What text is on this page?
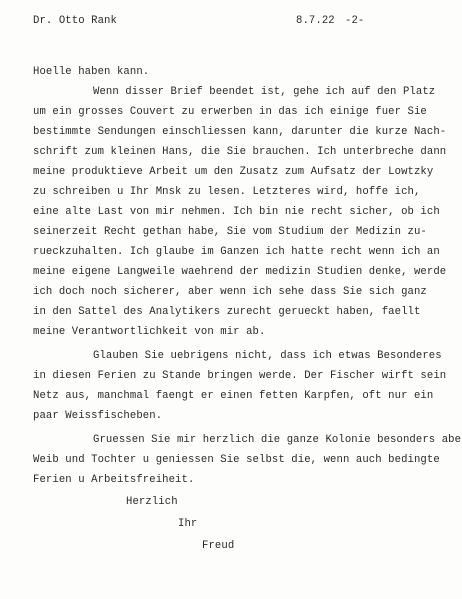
Dr. Otto Rank	8.7.22 -2-
Hoelle haben kann.
Wenn disser Brief beendet ist, gehe ich auf den Platz
um ein grosses Couvert zu erwerben in das ich einige fuer Sie
bestimmte Sendungen einschliessen kann, darunter die kurze Nach-
schrift zum kleinen Hans, die Sie brauchen. Ich unterbreche dann
meine produktieve Arbeit um den Zusatz zum Aufsatz der Lowtzky
zu schreiben u Ihr Mnsk zu lesen. Letzteres wird, hoffe ich,
eine alte Last von mir nehmen. Ich bin nie recht sicher, ob ich
seinerzeit Recht gethan habe, Sie vom Studium der Medizin zu-
rueckzuhalten. Ich glaube im Ganzen ich hatte recht wenn ich an
meine eigene Langweile waehrend der medizin Studien denke, werde
ich doch noch sicherer, aber wenn ich sehe dass Sie sich ganz
in den Sattel des Analytikers zurecht gerueckt haben, faellt
meine Verantwortlichkeit von mir ab.
Glauben Sie uebrigens nicht, dass ich etwas Besonderes
in diesen Ferien zu Stande bringen werde. Der Fischer wirft sein
Netz aus, manchmal faengt er einen fetten Karpfen, oft nur ein
paar Weissfischeben.
Gruessen Sie mir herzlich die ganze Kolonie besonders abe
Weib und Tochter u geniessen Sie selbst die, wenn auch bedingte
Ferien u Arbeitsfreiheit.
Herzlich
Ihr
Freud
